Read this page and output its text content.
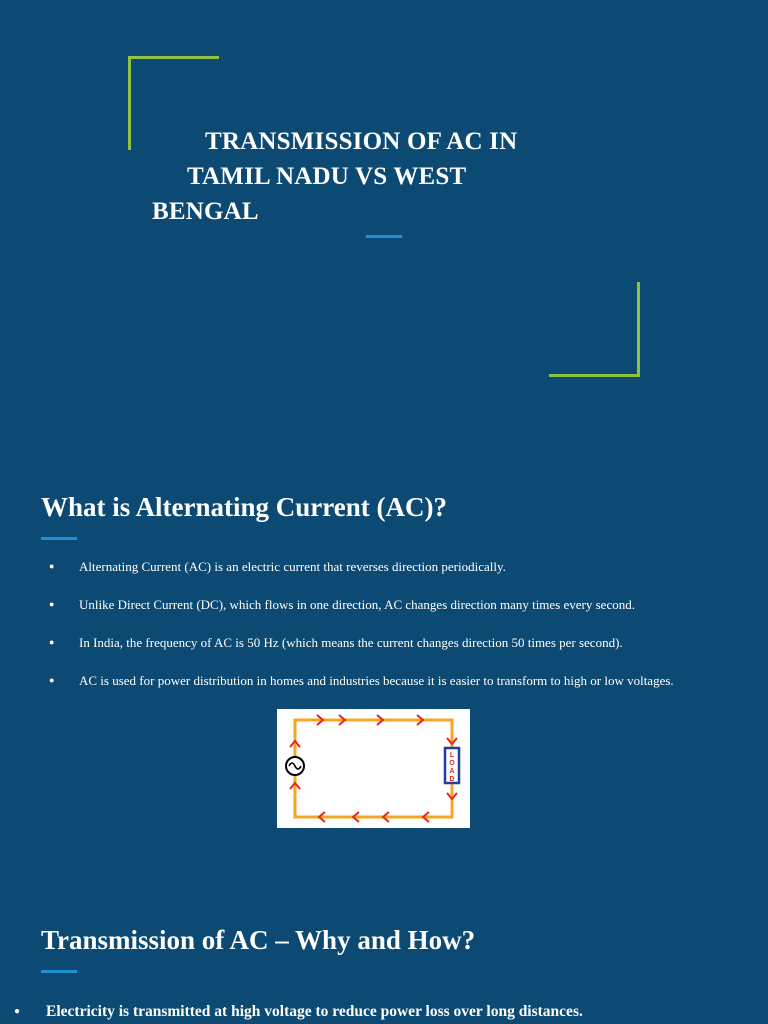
TRANSMISSION OF AC IN
TAMIL NADU VS WEST
BENGAL
What is Alternating Current (AC)?
● Alternating Current (AC) is an electric current that reverses direction periodically.
● Unlike Direct Current (DC), which flows in one direction, AC changes direction many times every second.
● In India, the frequency of AC is 50 Hz (which means the current changes direction 50 times per second).
● AC is used for power distribution in homes and industries because it is easier to transform to high or low voltages.
L
O
A
D
Transmission of AC – Why and How?
● Electricity is transmitted at high voltage to reduce power loss over long distances.
